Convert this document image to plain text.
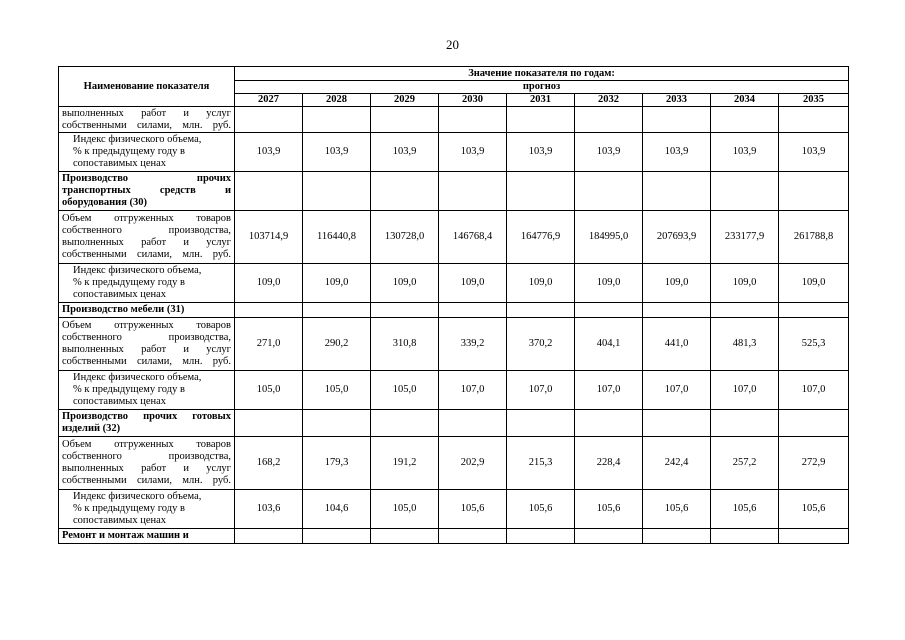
20
Наименование показателя	Значение показателя по годам:								
	прогноз								
	2027	2028	2029	2030	2031	2032	2033	2034	2035

выполненных работ и услуг
собственными силами, млн. руб.									

Индекс физического объема,
% к предыдущему году в
сопоставимых ценах	103,9	103,9	103,9	103,9	103,9	103,9	103,9	103,9	103,9

Производство прочих
транспортных средств и
оборудования (30)									

Объем отгруженных товаров
собственного производства,
выполненных работ и услуг
собственными силами, млн. руб.	103714,9	116440,8	130728,0	146768,4	164776,9	184995,0	207693,9	233177,9	261788,8

Индекс физического объема,
% к предыдущему году в
сопоставимых ценах	109,0	109,0	109,0	109,0	109,0	109,0	109,0	109,0	109,0

Производство мебели (31)									

Объем отгруженных товаров
собственного производства,
выполненных работ и услуг
собственными силами, млн. руб.	271,0	290,2	310,8	339,2	370,2	404,1	441,0	481,3	525,3

Индекс физического объема,
% к предыдущему году в
сопоставимых ценах	105,0	105,0	105,0	107,0	107,0	107,0	107,0	107,0	107,0

Производство прочих готовых
изделий (32)									

Объем отгруженных товаров
собственного производства,
выполненных работ и услуг
собственными силами, млн. руб.	168,2	179,3	191,2	202,9	215,3	228,4	242,4	257,2	272,9

Индекс физического объема,
% к предыдущему году в
сопоставимых ценах	103,6	104,6	105,0	105,6	105,6	105,6	105,6	105,6	105,6

Ремонт и монтаж машин и									
